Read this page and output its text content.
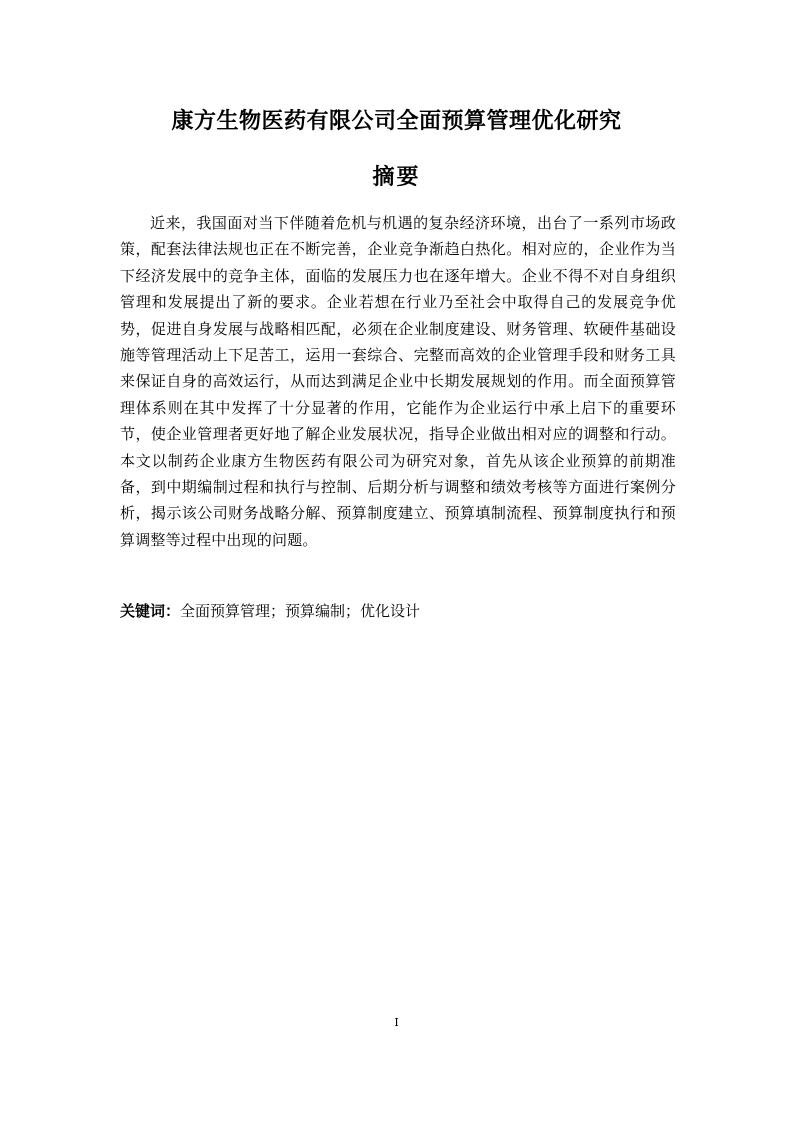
康方生物医药有限公司全面预算管理优化研究
摘要

近来，我国面对当下伴随着危机与机遇的复杂经济环境，出台了一系列市场政策，配套法律法规也正在不断完善，企业竞争渐趋白热化。相对应的，企业作为当下经济发展中的竞争主体，面临的发展压力也在逐年增大。企业不得不对自身组织管理和发展提出了新的要求。企业若想在行业乃至社会中取得自己的发展竞争优势，促进自身发展与战略相匹配，必须在企业制度建设、财务管理、软硬件基础设施等管理活动上下足苦工，运用一套综合、完整而高效的企业管理手段和财务工具来保证自身的高效运行，从而达到满足企业中长期发展规划的作用。而全面预算管理体系则在其中发挥了十分显著的作用，它能作为企业运行中承上启下的重要环节，使企业管理者更好地了解企业发展状况，指导企业做出相对应的调整和行动。本文以制药企业康方生物医药有限公司为研究对象，首先从该企业预算的前期准备，到中期编制过程和执行与控制、后期分析与调整和绩效考核等方面进行案例分析，揭示该公司财务战略分解、预算制度建立、预算填制流程、预算制度执行和预算调整等过程中出现的问题。

关键词：全面预算管理；预算编制；优化设计

I
